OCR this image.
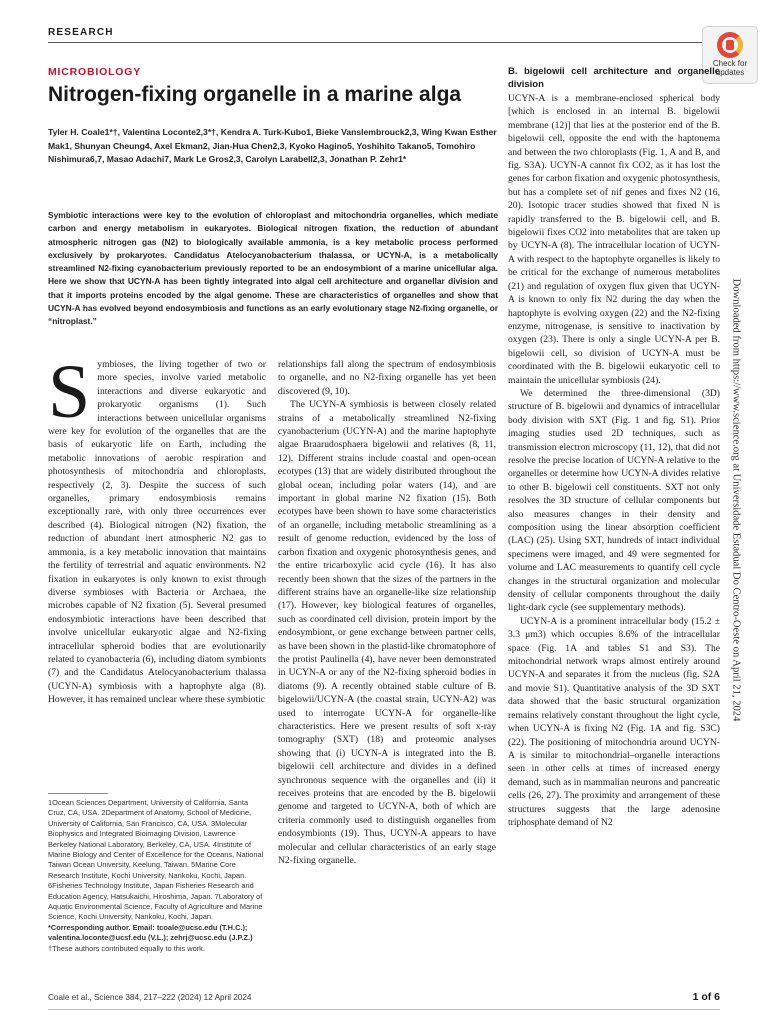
RESEARCH
Check for
updates
MICROBIOLOGY
Nitrogen-fixing organelle in a marine alga
Tyler H. Coale1*†, Valentina Loconte2,3*†, Kendra A. Turk-Kubo1, Bieke Vanslembrouck2,3, Wing Kwan Esther Mak1, Shunyan Cheung4, Axel Ekman2, Jian-Hua Chen2,3, Kyoko Hagino5, Yoshihito Takano5, Tomohiro Nishimura6,7, Masao Adachi7, Mark Le Gros2,3, Carolyn Larabell2,3, Jonathan P. Zehr1*
Symbiotic interactions were key to the evolution of chloroplast and mitochondria organelles, which mediate carbon and energy metabolism in eukaryotes. Biological nitrogen fixation, the reduction of abundant atmospheric nitrogen gas (N2) to biologically available ammonia, is a key metabolic process performed exclusively by prokaryotes. Candidatus Atelocyanobacterium thalassa, or UCYN-A, is a metabolically streamlined N2-fixing cyanobacterium previously reported to be an endosymbiont of a marine unicellular alga. Here we show that UCYN-A has been tightly integrated into algal cell architecture and organellar division and that it imports proteins encoded by the algal genome. These are characteristics of organelles and show that UCYN-A has evolved beyond endosymbiosis and functions as an early evolutionary stage N2-fixing organelle, or “nitroplast.”
S ymbioses, the living together of two or more species, involve varied metabolic interactions and diverse eukaryotic and prokaryotic organisms (1). Such interactions between unicellular organisms were key for evolution of the organelles that are the basis of eukaryotic life on Earth, including the metabolic innovations of aerobic respiration and photosynthesis of mitochondria and chloroplasts, respectively (2, 3). Despite the success of such organelles, primary endosymbiosis remains exceptionally rare, with only three occurrences ever described (4). Biological nitrogen (N2) fixation, the reduction of abundant inert atmospheric N2 gas to ammonia, is a key metabolic innovation that maintains the fertility of terrestrial and aquatic environments. N2 fixation in eukaryotes is only known to exist through diverse symbioses with Bacteria or Archaea, the microbes capable of N2 fixation (5). Several presumed endosymbiotic interactions have been described that involve unicellular eukaryotic algae and N2-fixing intracellular spheroid bodies that are evolutionarily related to cyanobacteria (6), including diatom symbionts (7) and the Candidatus Atelocyanobacterium thalassa (UCYN-A) symbiosis with a haptophyte alga (8). However, it has remained unclear where these symbiotic

relationships fall along the spectrum of endosymbiosis to organelle, and no N2-fixing organelle has yet been discovered (9, 10).

The UCYN-A symbiosis is between closely related strains of a metabolically streamlined N2-fixing cyanobacterium (UCYN-A) and the marine haptophyte algae Braarudosphaera bigelowii and relatives (8, 11, 12). Different strains include coastal and open-ocean ecotypes (13) that are widely distributed throughout the global ocean, including polar waters (14), and are important in global marine N2 fixation (15). Both ecotypes have been shown to have some characteristics of an organelle, including metabolic streamlining as a result of genome reduction, evidenced by the loss of carbon fixation and oxygenic photosynthesis genes, and the entire tricarboxylic acid cycle (16). It has also recently been shown that the sizes of the partners in the different strains have an organelle-like size relationship (17). However, key biological features of organelles, such as coordinated cell division, protein import by the endosymbiont, or gene exchange between partner cells, as have been shown in the plastid-like chromatophore of the protist Paulinella (4), have never been demonstrated in UCYN-A or any of the N2-fixing spheroid bodies in diatoms (9). A recently obtained stable culture of B. bigelowii/UCYN-A (the coastal strain, UCYN-A2) was used to interrogate UCYN-A for organelle-like characteristics. Here we present results of soft x-ray tomography (SXT) (18) and proteomic analyses showing that (i) UCYN-A is integrated into the B. bigelowii cell architecture and divides in a defined synchronous sequence with the organelles and (ii) it receives proteins that are encoded by the B. bigelowii genome and targeted to UCYN-A, both of which are criteria commonly used to distinguish organelles from endosymbionts (19). Thus, UCYN-A appears to have molecular and cellular characteristics of an early stage N2-fixing organelle.

B. bigelowii cell architecture and organelle division

UCYN-A is a membrane-enclosed spherical body [which is enclosed in an internal B. bigelowii membrane (12)] that lies at the posterior end of the B. bigelowii cell, opposite the end with the haptonema and between the two chloroplasts (Fig. 1, A and B, and fig. S3A). UCYN-A cannot fix CO2, as it has lost the genes for carbon fixation and oxygenic photosynthesis, but has a complete set of nif genes and fixes N2 (16, 20). Isotopic tracer studies showed that fixed N is rapidly transferred to the B. bigelowii cell, and B. bigelowii fixes CO2 into metabolites that are taken up by UCYN-A (8). The intracellular location of UCYN-A with respect to the haptophyte organelles is likely to be critical for the exchange of numerous metabolites (21) and regulation of oxygen flux given that UCYN-A is known to only fix N2 during the day when the haptophyte is evolving oxygen (22) and the N2-fixing enzyme, nitrogenase, is sensitive to inactivation by oxygen (23). There is only a single UCYN-A per B. bigelowii cell, so division of UCYN-A must be coordinated with the B. bigelowii eukaryotic cell to maintain the unicellular symbiosis (24).

We determined the three-dimensional (3D) structure of B. bigelowii and dynamics of intracellular body division with SXT (Fig. 1 and fig. S1). Prior imaging studies used 2D techniques, such as transmission electron microscopy (11, 12), that did not resolve the precise location of UCYN-A relative to the organelles or determine how UCYN-A divides relative to other B. bigelowii cell constituents. SXT not only resolves the 3D structure of cellular components but also measures changes in their density and composition using the linear absorption coefficient (LAC) (25). Using SXT, hundreds of intact individual specimens were imaged, and 49 were segmented for volume and LAC measurements to quantify cell cycle changes in the structural organization and molecular density of cellular components throughout the daily light-dark cycle (see supplementary methods).

UCYN-A is a prominent intracellular body (15.2 ± 3.3 μm3) which occupies 8.6% of the intracellular space (Fig. 1A and tables S1 and S3). The mitochondrial network wraps almost entirely around UCYN-A and separates it from the nucleus (fig. S2A and movie S1). Quantitative analysis of the 3D SXT data showed that the basic structural organization remains relatively constant throughout the light cycle, when UCYN-A is fixing N2 (Fig. 1A and fig. S3C) (22). The positioning of mitochondria around UCYN-A is similar to mitochondrial–organelle interactions seen in other cells at times of increased energy demand, such as in mammalian neurons and pancreatic cells (26, 27). The proximity and arrangement of these structures suggests that the large adenosine triphosphate demand of N2

1Ocean Sciences Department, University of California, Santa Cruz, CA, USA. 2Department of Anatomy, School of Medicine, University of California, San Francisco, CA, USA. 3Molecular Biophysics and Integrated Bioimaging Division, Lawrence Berkeley National Laboratory, Berkeley, CA, USA. 4Institute of Marine Biology and Center of Excellence for the Oceans, National Taiwan Ocean University, Keelung, Taiwan. 5Marine Core Research Institute, Kochi University, Nankoku, Kochi, Japan. 6Fisheries Technology Institute, Japan Fisheries Research and Education Agency, Hatsukaichi, Hiroshima, Japan. 7Laboratory of Aquatic Environmental Science, Faculty of Agriculture and Marine Science, Kochi University, Nankoku, Kochi, Japan.

*Corresponding author. Email: tcoale@ucsc.edu (T.H.C.); valentina.loconte@ucsf.edu (V.L.); zehrj@ucsc.edu (J.P.Z.)

†These authors contributed equally to this work.

Downloaded from https://www.science.org at Universidade Estadual Do Centro-Oeste on April 21, 2024
Coale et al., Science 384, 217–222 (2024) 12 April 2024	1 of 6
